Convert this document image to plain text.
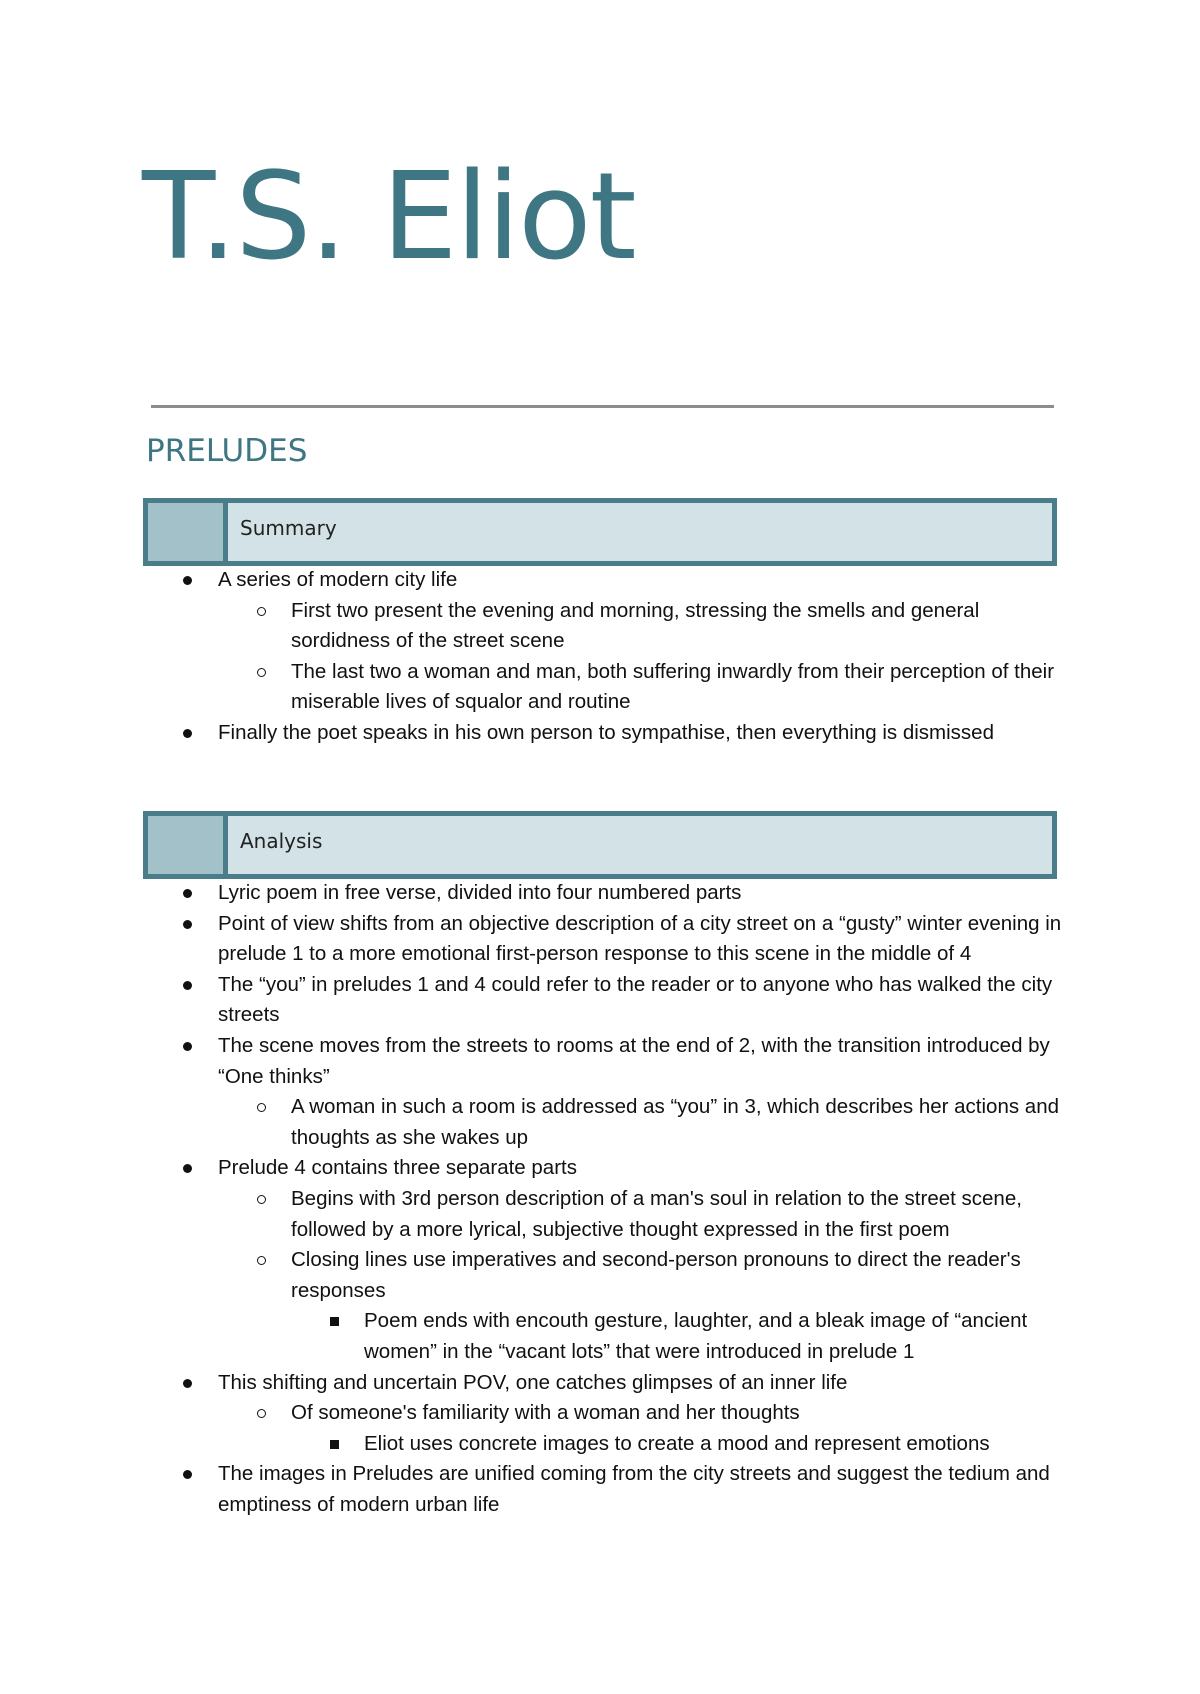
T.S. Eliot
PRELUDES
Summary
A series of modern city life
First two present the evening and morning, stressing the smells and general sordidness of the street scene
The last two a woman and man, both suffering inwardly from their perception of their miserable lives of squalor and routine
Finally the poet speaks in his own person to sympathise, then everything is dismissed
Analysis
Lyric poem in free verse, divided into four numbered parts
Point of view shifts from an objective description of a city street on a “gusty” winter evening in prelude 1 to a more emotional first-person response to this scene in the middle of 4
The “you” in preludes 1 and 4 could refer to the reader or to anyone who has walked the city streets
The scene moves from the streets to rooms at the end of 2, with the transition introduced by “One thinks”
A woman in such a room is addressed as “you” in 3, which describes her actions and thoughts as she wakes up
Prelude 4 contains three separate parts
Begins with 3rd person description of a man's soul in relation to the street scene, followed by a more lyrical, subjective thought expressed in the first poem
Closing lines use imperatives and second-person pronouns to direct the reader's responses
Poem ends with encouth gesture, laughter, and a bleak image of “ancient women” in the “vacant lots” that were introduced in prelude 1
This shifting and uncertain POV, one catches glimpses of an inner life
Of someone's familiarity with a woman and her thoughts
Eliot uses concrete images to create a mood and represent emotions
The images in Preludes are unified coming from the city streets and suggest the tedium and emptiness of modern urban life
